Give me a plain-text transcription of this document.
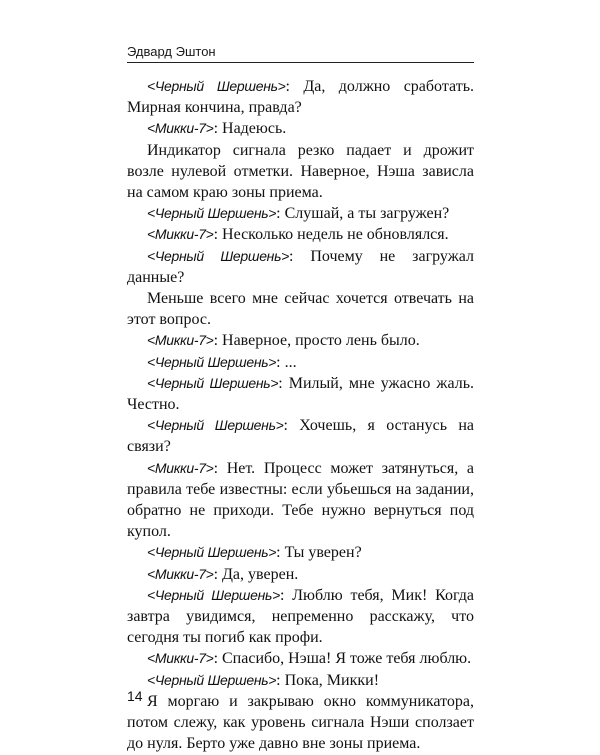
Эдвард Эштон

<Черный Шершень>: Да, должно сработать. Мирная кончина, правда?

<Микки-7>: Надеюсь.

Индикатор сигнала резко падает и дрожит возле нулевой отметки. Наверное, Нэша зависла на самом краю зоны приема.

<Черный Шершень>: Слушай, а ты загружен?

<Микки-7>: Несколько недель не обновлялся.

<Черный Шершень>: Почему не загружал данные?

Меньше всего мне сейчас хочется отвечать на этот вопрос.

<Микки-7>: Наверное, просто лень было.

<Черный Шершень>: ...

<Черный Шершень>: Милый, мне ужасно жаль. Честно.

<Черный Шершень>: Хочешь, я останусь на связи?

<Микки-7>: Нет. Процесс может затянуться, а правила тебе известны: если убьешься на задании, обратно не приходи. Тебе нужно вернуться под купол.

<Черный Шершень>: Ты уверен?

<Микки-7>: Да, уверен.

<Черный Шершень>: Люблю тебя, Мик! Когда завтра увидимся, непременно расскажу, что сегодня ты погиб как профи.

<Микки-7>: Спасибо, Нэша! Я тоже тебя люблю.

<Черный Шершень>: Пока, Микки!

Я моргаю и закрываю окно коммуникатора, потом слежу, как уровень сигнала Нэши сползает до нуля. Берто уже давно вне зоны приема.

14
